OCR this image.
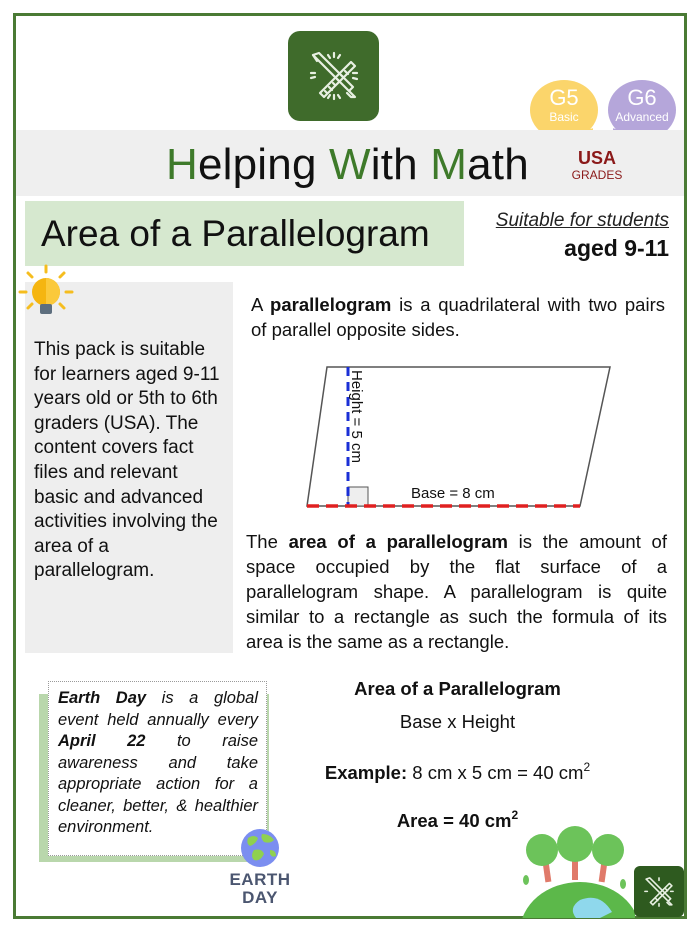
G5
Basic
G6
Advanced
Helping With Math	USA
GRADES
Area of a Parallelogram	Suitable for students
aged 9-11

This pack is suitable for learners aged 9-11 years old or 5th to 6th graders (USA). The content covers fact files and relevant basic and advanced activities involving the area of a parallelogram.

A parallelogram is a quadrilateral with two pairs of parallel opposite sides.
Height = 5 cm
Base = 8 cm
The area of a parallelogram is the amount of space occupied by the flat surface of a parallelogram shape. A parallelogram is quite similar to a rectangle as such the formula of its area is the same as a rectangle.
Earth Day is a global event held annually every April 22 to raise awareness and take appropriate action for a cleaner, better, & healthier environment.
EARTH
DAY
Area of a Parallelogram
Base x Height
Example: 8 cm x 5 cm = 40 $cm^2$
Area = 40 $cm^2$
